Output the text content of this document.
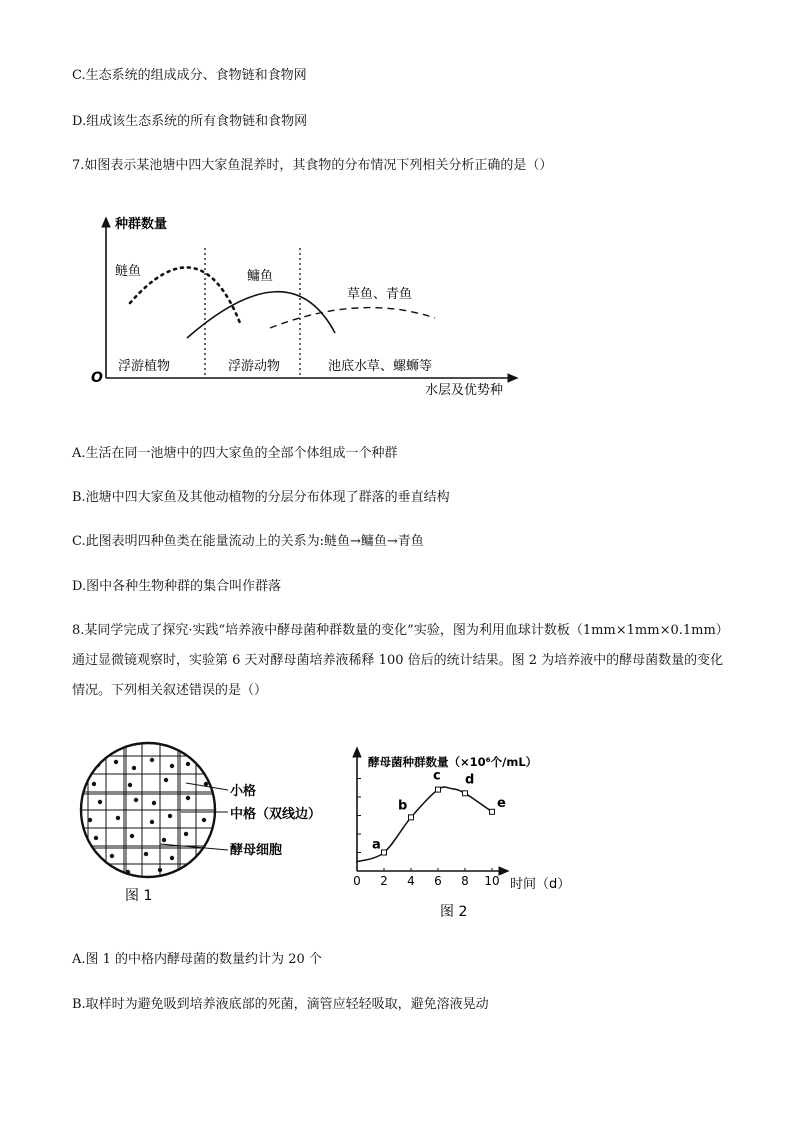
C.生态系统的组成成分、食物链和食物网
D.组成该生态系统的所有食物链和食物网
7.如图表示某池塘中四大家鱼混养时，其食物的分布情况下列相关分析正确的是（）
种群数量
O
水层及优势种
鲢鱼	鳙鱼
草鱼、青鱼
浮游植物	浮游动物	池底水草、螺蛳等
A.生活在同一池塘中的四大家鱼的全部个体组成一个种群
B.池塘中四大家鱼及其他动植物的分层分布体现了群落的垂直结构
C.此图表明四种鱼类在能量流动上的关系为:鲢鱼→鳙鱼→青鱼
D.图中各种生物种群的集合叫作群落
8.某同学完成了探究·实践“培养液中酵母菌种群数量的变化”实验，图为利用血球计数板（1mm×1mm×0.1mm）通过显微镜观察时，实验第 6 天对酵母菌培养液稀释 100 倍后的统计结果。图 2 为培养液中的酵母菌数量的变化情况。下列相关叙述错误的是（）
小格
中格（双线边）
酵母细胞
图 1
酵母菌种群数量（×10⁶个/mL）
时间（d）
0 2 4 6 8 10
a
b
c d
e
图 2
A.图 1 的中格内酵母菌的数量约计为 20 个
B.取样时为避免吸到培养液底部的死菌，滴管应轻轻吸取，避免溶液晃动
